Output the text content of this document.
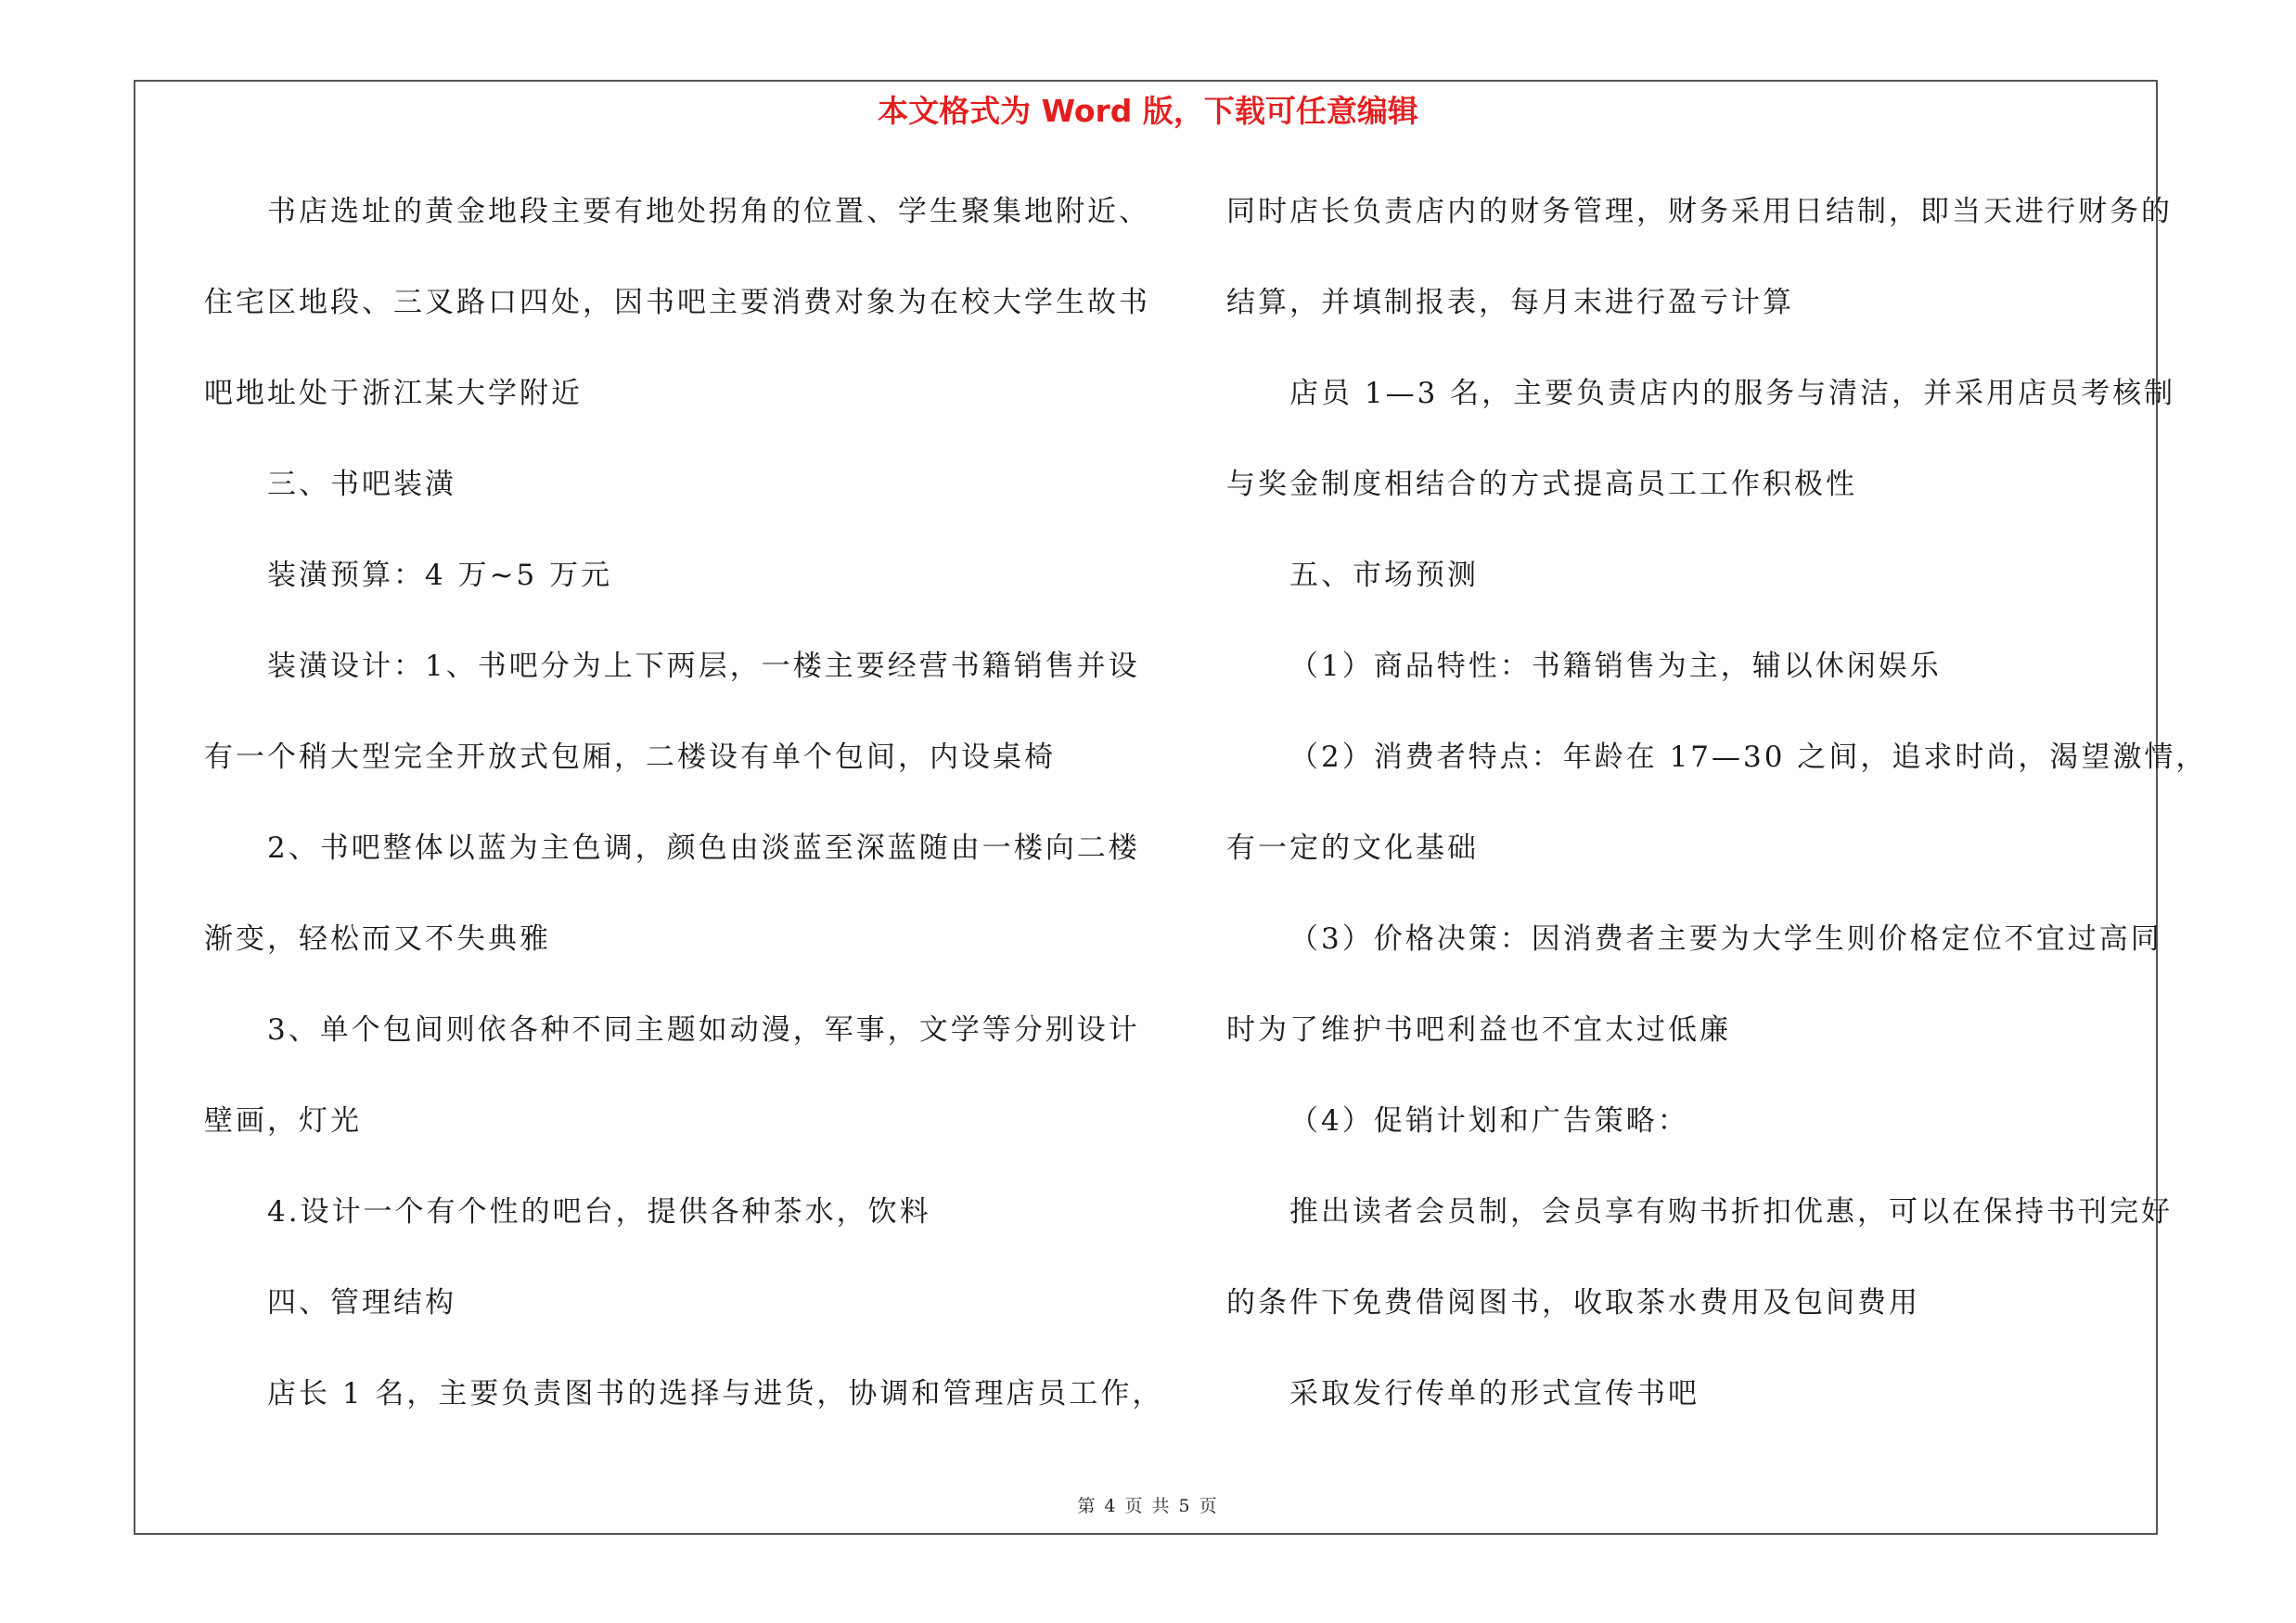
本文格式为 Word 版，下载可任意编辑
书店选址的黄金地段主要有地处拐角的位置、学生聚集地附近、
住宅区地段、三叉路口四处，因书吧主要消费对象为在校大学生故书
吧地址处于浙江某大学附近
三、书吧装潢
装潢预算：4 万~5 万元
装潢设计：1、书吧分为上下两层，一楼主要经营书籍销售并设
有一个稍大型完全开放式包厢，二楼设有单个包间，内设桌椅
2、书吧整体以蓝为主色调，颜色由淡蓝至深蓝随由一楼向二楼
渐变，轻松而又不失典雅
3、单个包间则依各种不同主题如动漫，军事，文学等分别设计
壁画，灯光
4.设计一个有个性的吧台，提供各种茶水，饮料
四、管理结构
店长 1 名，主要负责图书的选择与进货，协调和管理店员工作，
同时店长负责店内的财务管理，财务采用日结制，即当天进行财务的
结算，并填制报表，每月末进行盈亏计算
店员 1—3 名，主要负责店内的服务与清洁，并采用店员考核制
与奖金制度相结合的方式提高员工工作积极性
五、市场预测
（1）商品特性：书籍销售为主，辅以休闲娱乐
（2）消费者特点：年龄在 17—30 之间，追求时尚，渴望激情，
有一定的文化基础
（3）价格决策：因消费者主要为大学生则价格定位不宜过高同
时为了维护书吧利益也不宜太过低廉
（4）促销计划和广告策略：
推出读者会员制，会员享有购书折扣优惠，可以在保持书刊完好
的条件下免费借阅图书，收取茶水费用及包间费用
采取发行传单的形式宣传书吧
第 4 页 共 5 页
